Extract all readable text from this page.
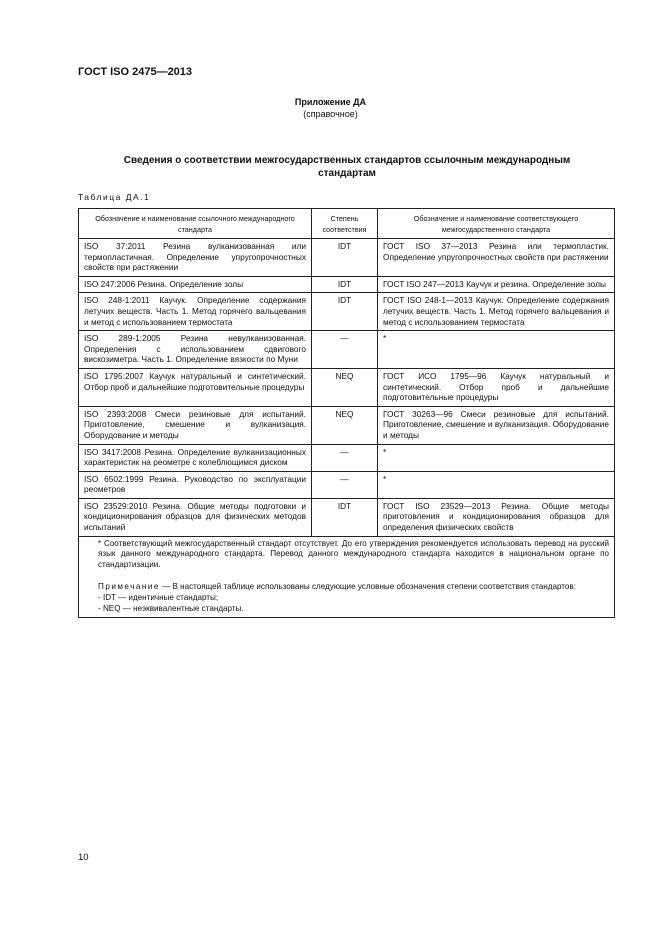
ГОСТ ISO 2475—2013
Приложение ДА
(справочное)
Сведения о соответствии межгосударственных стандартов ссылочным международным стандартам
Таблица ДА.1
Обозначение и наименование ссылочного международного стандарта	Степень соответствия	Обозначение и наименование соответствующего межгосударственного стандарта
ISO 37:2011 Резина вулканизованная или термопластичная. Определение упругопрочностных свойств при растяжении	IDT	ГОСТ ISO 37—2013 Резина или термопластик. Определение упругопрочностных свойств при растяжении
ISO 247:2006 Резина. Определение золы	IDT	ГОСТ ISO 247—2013 Каучук и резина. Определение золы
ISO 248-1:2011 Каучук. Определение содержания летучих веществ. Часть 1. Метод горячего вальцевания и метод с использованием термостата	IDT	ГОСТ ISO 248-1—2013 Каучук. Определение содержания летучих веществ. Часть 1. Метод горячего вальцевания и метод с использованием термостата
ISO 289-1:2005 Резина невулканизованная. Определения с использованием сдвигового вискозиметра. Часть 1. Определение вязкости по Муни	—	*
ISO 1795:2007 Каучук натуральный и синтетический. Отбор проб и дальнейшие подготовительные процедуры	NEQ	ГОСТ ИСО 1795—96 Каучук натуральный и синтетический. Отбор проб и дальнейшие подготовительные процедуры
ISO 2393:2008 Смеси резиновые для испытаний. Приготовление, смешение и вулканизация. Оборудование и методы	NEQ	ГОСТ 30263—96 Смеси резиновые для испытаний. Приготовление, смешение и вулканизация. Оборудование и методы
ISO 3417:2008 Резина. Определение вулканизационных характеристик на реометре с колеблющимся диском	—	*
ISO 6502:1999 Резина. Руководство по эксплуатации реометров	—	*
ISO 23529:2010 Резина. Общие методы подготовки и кондиционирования образцов для физических методов испытаний	IDT	ГОСТ ISO 23529—2013 Резина. Общие методы приготовления и кондиционирования образцов для определения физических свойств

* Соответствующий межгосударственный стандарт отсутствует. До его утверждения рекомендуется использовать перевод на русский язык данного международного стандарта. Перевод данного международного стандарта находится в национальном органе по стандартизации.
Примечание — В настоящей таблице использованы следующие условные обозначения степени соответствия стандартов:
- IDT — идентичные стандарты;
- NEQ — неэквивалентные стандарты.		
10
